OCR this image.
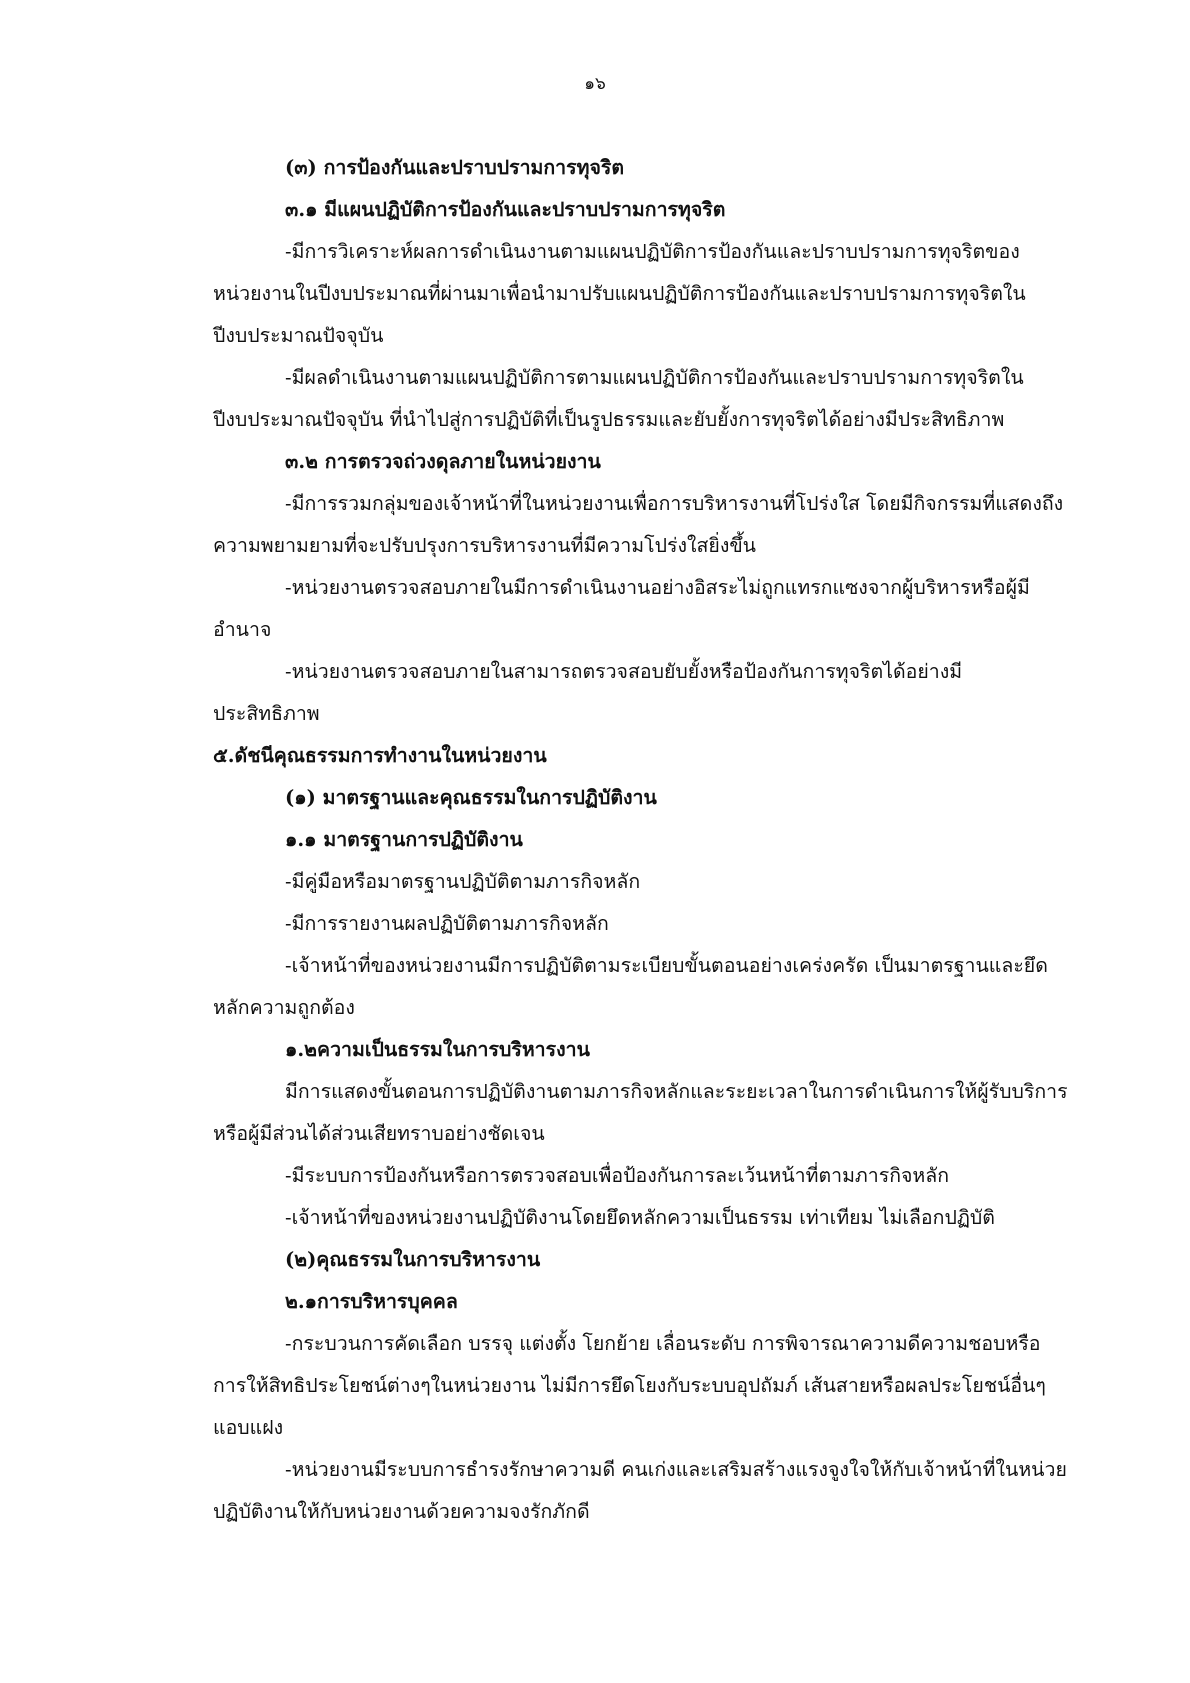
๑๖
(๓) การป้องกันและปราบปรามการทุจริต
๓.๑ มีแผนปฏิบัติการป้องกันและปราบปรามการทุจริต
-มีการวิเคราะห์ผลการดำเนินงานตามแผนปฏิบัติการป้องกันและปราบปรามการทุจริตของ
หน่วยงานในปีงบประมาณที่ผ่านมาเพื่อนำมาปรับแผนปฏิบัติการป้องกันและปราบปรามการทุจริตใน
ปีงบประมาณปัจจุบัน
-มีผลดำเนินงานตามแผนปฏิบัติการตามแผนปฏิบัติการป้องกันและปราบปรามการทุจริตใน
ปีงบประมาณปัจจุบัน ที่นำไปสู่การปฏิบัติที่เป็นรูปธรรมและยับยั้งการทุจริตได้อย่างมีประสิทธิภาพ
๓.๒ การตรวจถ่วงดุลภายในหน่วยงาน
-มีการรวมกลุ่มของเจ้าหน้าที่ในหน่วยงานเพื่อการบริหารงานที่โปร่งใส โดยมีกิจกรรมที่แสดงถึง
ความพยามยามที่จะปรับปรุงการบริหารงานที่มีความโปร่งใสยิ่งขึ้น
-หน่วยงานตรวจสอบภายในมีการดำเนินงานอย่างอิสระไม่ถูกแทรกแซงจากผู้บริหารหรือผู้มี
อำนาจ
-หน่วยงานตรวจสอบภายในสามารถตรวจสอบยับยั้งหรือป้องกันการทุจริตได้อย่างมี
ประสิทธิภาพ
๕.ดัชนีคุณธรรมการทำงานในหน่วยงาน
(๑) มาตรฐานและคุณธรรมในการปฏิบัติงาน
๑.๑ มาตรฐานการปฏิบัติงาน
-มีคู่มือหรือมาตรฐานปฏิบัติตามภารกิจหลัก
-มีการรายงานผลปฏิบัติตามภารกิจหลัก
-เจ้าหน้าที่ของหน่วยงานมีการปฏิบัติตามระเบียบขั้นตอนอย่างเคร่งครัด เป็นมาตรฐานและยึด
หลักความถูกต้อง
๑.๒ความเป็นธรรมในการบริหารงาน
มีการแสดงขั้นตอนการปฏิบัติงานตามภารกิจหลักและระยะเวลาในการดำเนินการให้ผู้รับบริการ
หรือผู้มีส่วนได้ส่วนเสียทราบอย่างชัดเจน
-มีระบบการป้องกันหรือการตรวจสอบเพื่อป้องกันการละเว้นหน้าที่ตามภารกิจหลัก
-เจ้าหน้าที่ของหน่วยงานปฏิบัติงานโดยยึดหลักความเป็นธรรม เท่าเทียม ไม่เลือกปฏิบัติ
(๒)คุณธรรมในการบริหารงาน
๒.๑การบริหารบุคคล
-กระบวนการคัดเลือก บรรจุ แต่งตั้ง โยกย้าย เลื่อนระดับ การพิจารณาความดีความชอบหรือ
การให้สิทธิประโยชน์ต่างๆในหน่วยงาน ไม่มีการยึดโยงกับระบบอุปถัมภ์ เส้นสายหรือผลประโยชน์อื่นๆ
แอบแฝง
-หน่วยงานมีระบบการธำรงรักษาความดี คนเก่งและเสริมสร้างแรงจูงใจให้กับเจ้าหน้าที่ในหน่วย
ปฏิบัติงานให้กับหน่วยงานด้วยความจงรักภักดี
